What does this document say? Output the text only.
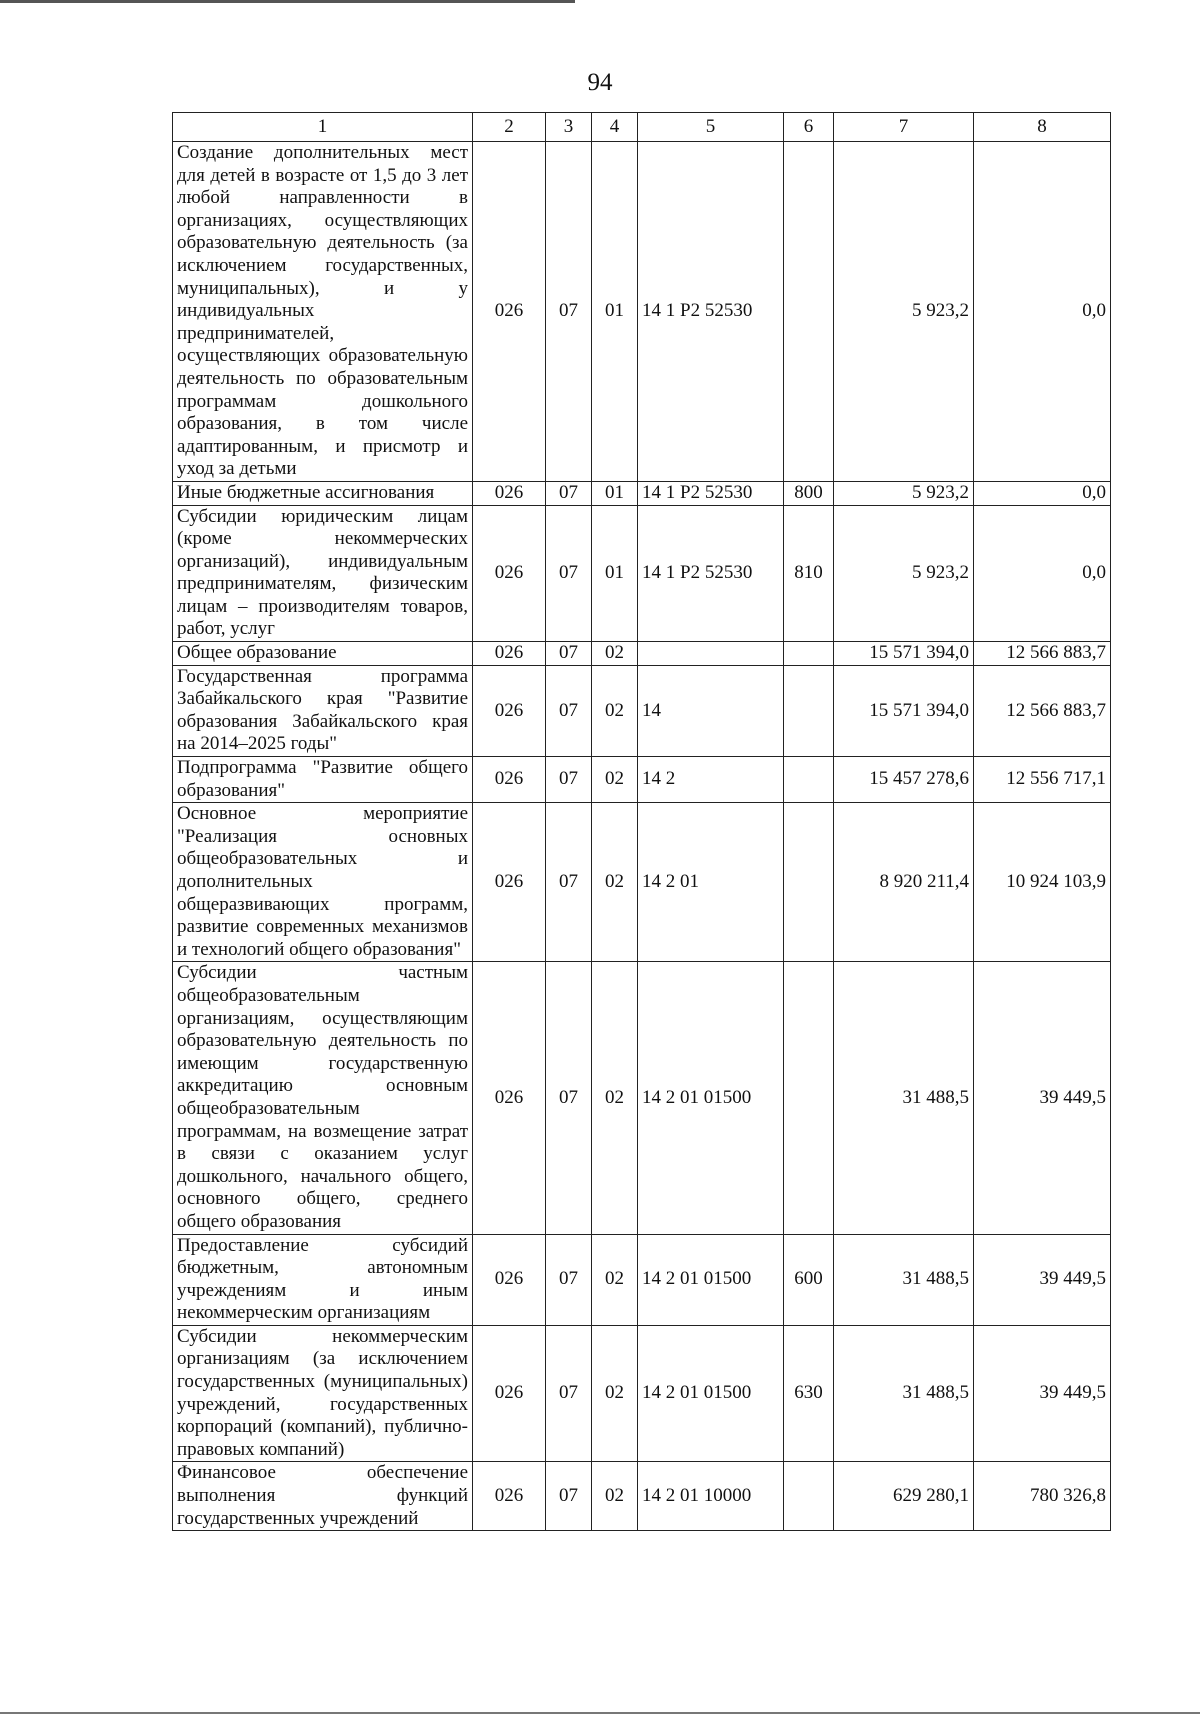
94
1	2	3	4	5	6	7	8
Создание дополнительных мест для детей в возрасте от 1,5 до 3 лет любой направленности в организациях, осуществляющих образовательную деятельность (за исключением государственных, муниципальных), и у индивидуальных предпринимателей, осуществляющих образовательную деятельность по образовательным программам дошкольного образования, в том числе адаптированным, и присмотр и уход за детьми	026	07	01	14 1 Р2 52530		5 923,2	0,0
Иные бюджетные ассигнования	026	07	01	14 1 Р2 52530	800	5 923,2	0,0
Субсидии юридическим лицам (кроме некоммерческих организаций), индивидуальным предпринимателям, физическим лицам – производителям товаров, работ, услуг	026	07	01	14 1 Р2 52530	810	5 923,2	0,0
Общее образование	026	07	02			15 571 394,0	12 566 883,7
Государственная программа Забайкальского края "Развитие образования Забайкальского края на 2014–2025 годы"	026	07	02	14		15 571 394,0	12 566 883,7
Подпрограмма "Развитие общего образования"	026	07	02	14 2		15 457 278,6	12 556 717,1
Основное мероприятие "Реализация основных общеобразовательных и дополнительных общеразвивающих программ, развитие современных механизмов и технологий общего образования"	026	07	02	14 2 01		8 920 211,4	10 924 103,9
Субсидии частным общеобразовательным организациям, осуществляющим образовательную деятельность по имеющим государственную аккредитацию основным общеобразовательным программам, на возмещение затрат в связи с оказанием услуг дошкольного, начального общего, основного общего, среднего общего образования	026	07	02	14 2 01 01500		31 488,5	39 449,5
Предоставление субсидий бюджетным, автономным учреждениям и иным некоммерческим организациям	026	07	02	14 2 01 01500	600	31 488,5	39 449,5
Субсидии некоммерческим организациям (за исключением государственных (муниципальных) учреждений, государственных корпораций (компаний), публично-правовых компаний)	026	07	02	14 2 01 01500	630	31 488,5	39 449,5
Финансовое обеспечение выполнения функций государственных учреждений	026	07	02	14 2 01 10000		629 280,1	780 326,8
